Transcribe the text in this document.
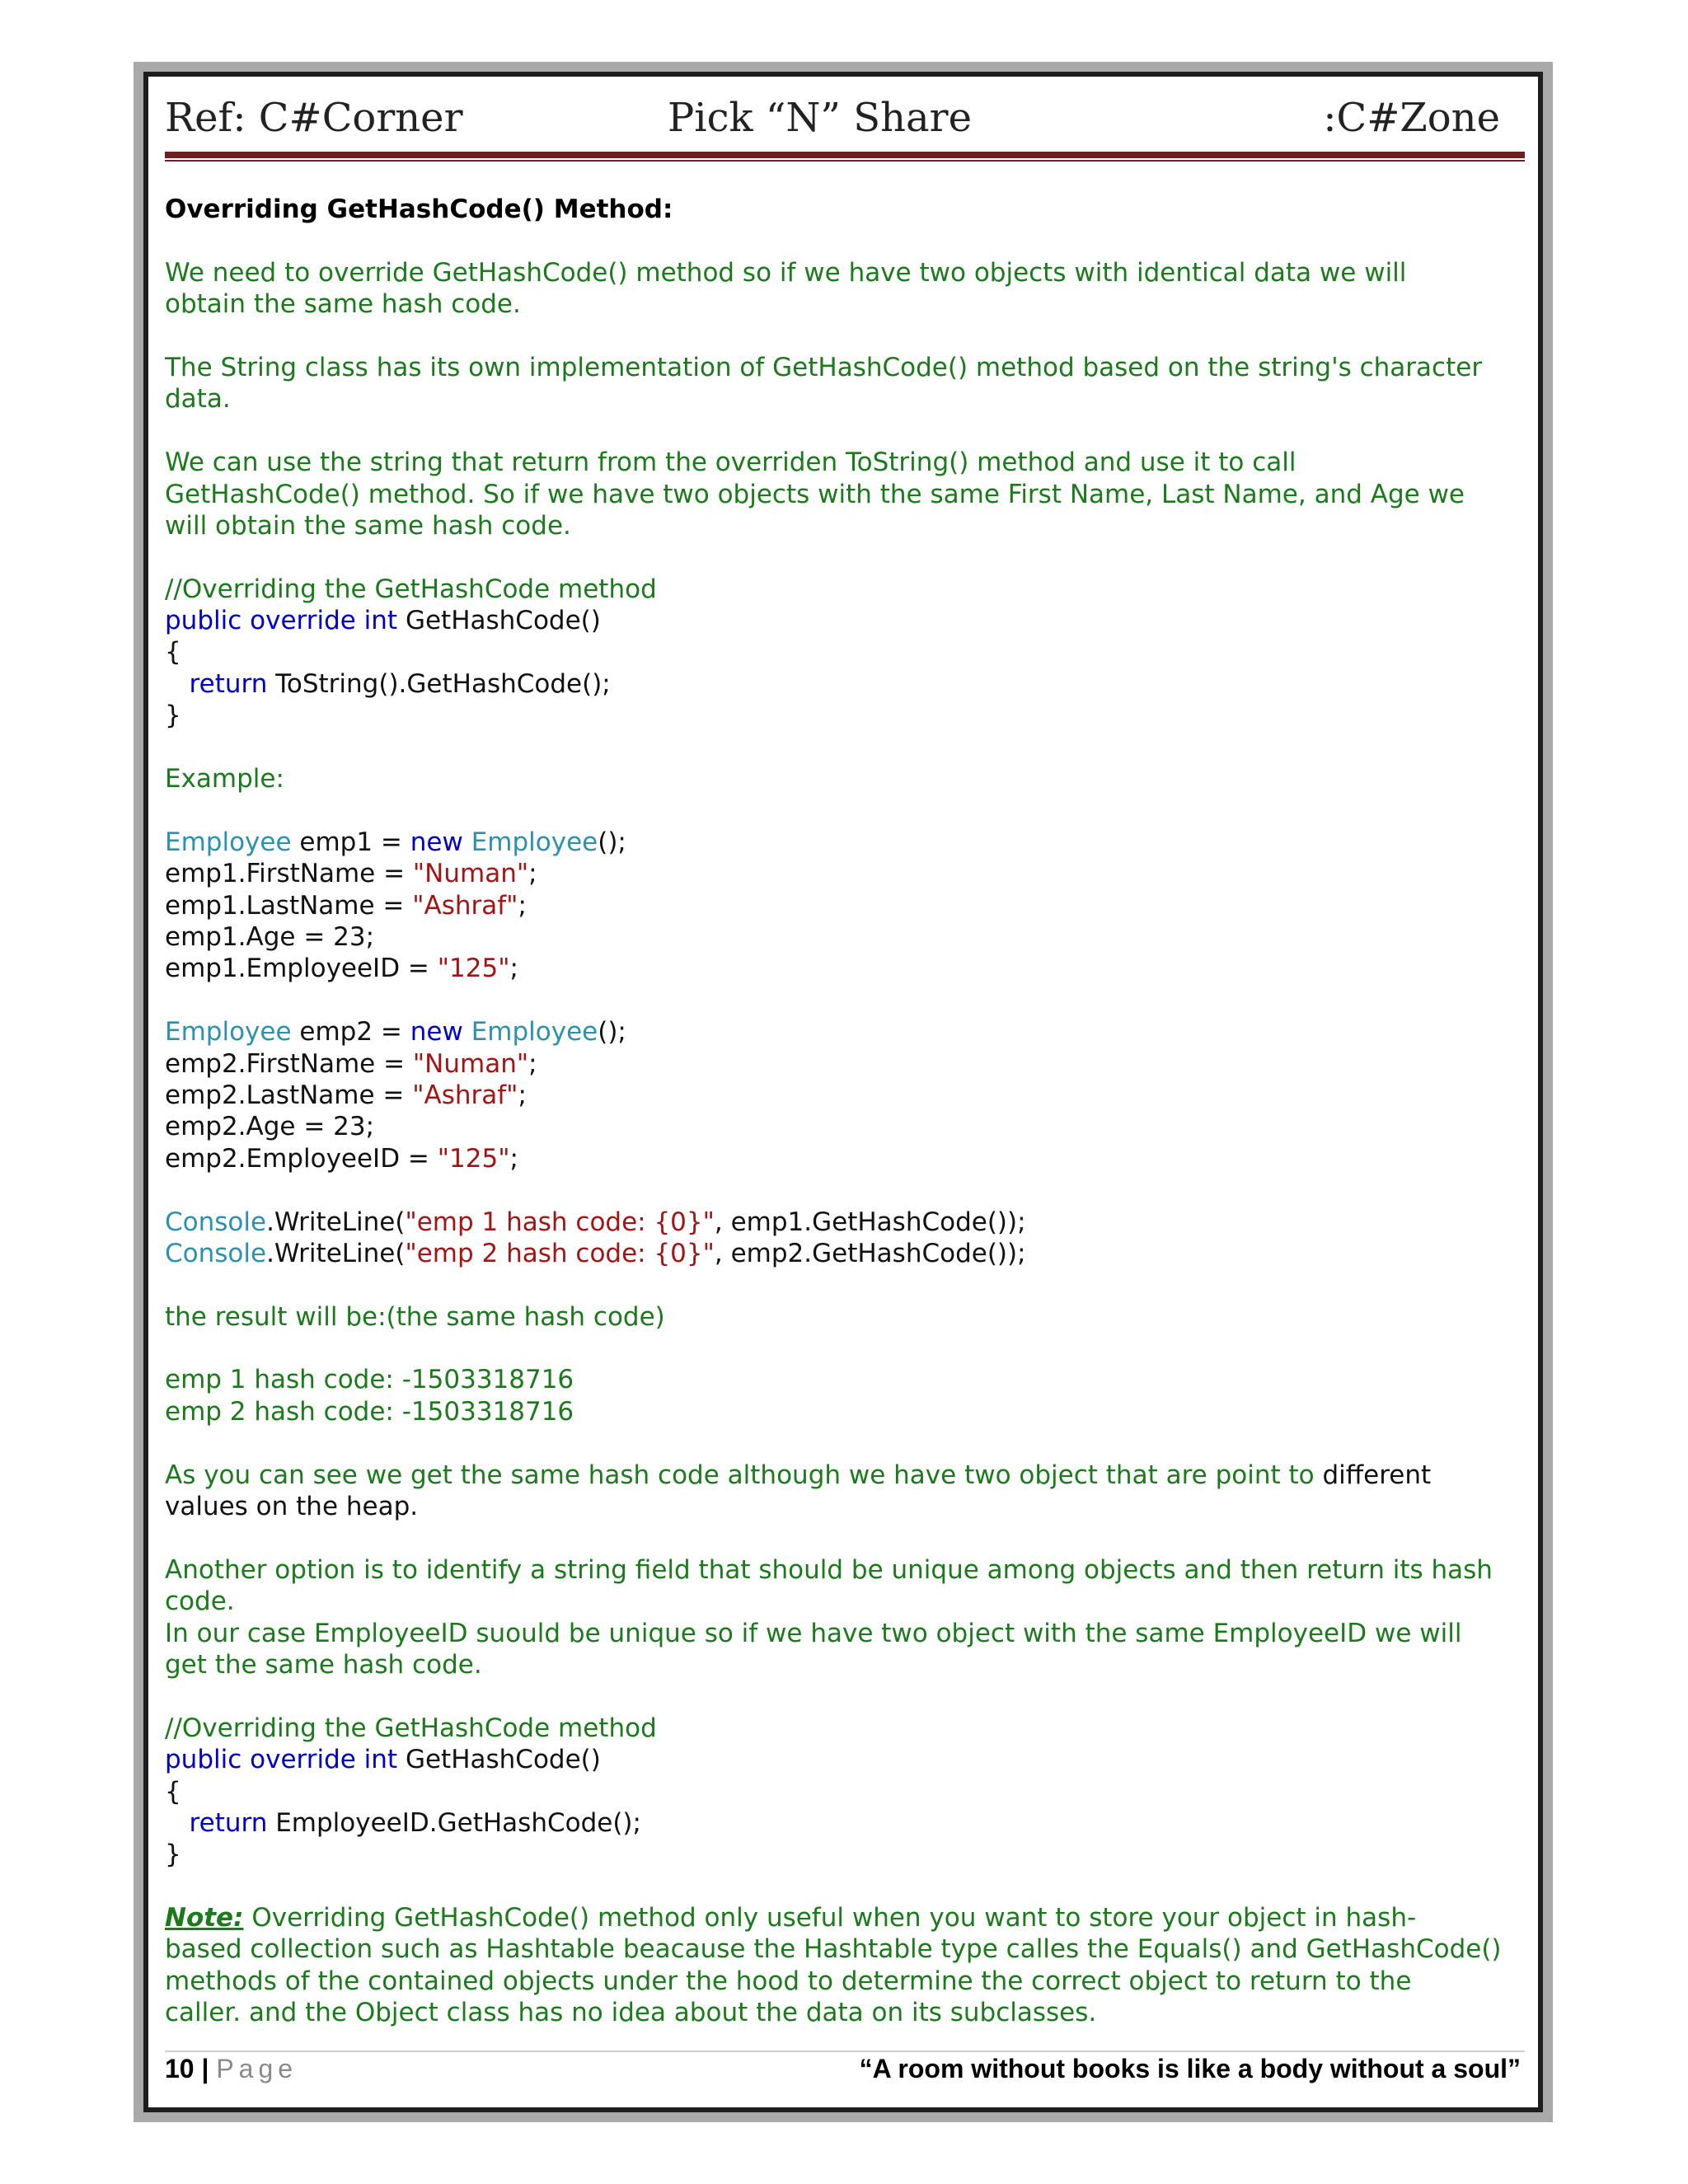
Ref: C#Corner	Pick “N” Share	:C#Zone
Overriding GetHashCode() Method:
We need to override GetHashCode() method so if we have two objects with identical data we will
obtain the same hash code.
The String class has its own implementation of GetHashCode() method based on the string's character
data.
We can use the string that return from the overriden ToString() method and use it to call
GetHashCode() method. So if we have two objects with the same First Name, Last Name, and Age we
will obtain the same hash code.
//Overriding the GetHashCode method
public override int GetHashCode()
{
return ToString().GetHashCode();
}
Example:
Employee emp1 = new Employee();
emp1.FirstName = "Numan";
emp1.LastName = "Ashraf";
emp1.Age = 23;
emp1.EmployeeID = "125";
Employee emp2 = new Employee();
emp2.FirstName = "Numan";
emp2.LastName = "Ashraf";
emp2.Age = 23;
emp2.EmployeeID = "125";
Console.WriteLine("emp 1 hash code: {0}", emp1.GetHashCode());
Console.WriteLine("emp 2 hash code: {0}", emp2.GetHashCode());
the result will be:(the same hash code)
emp 1 hash code: -1503318716
emp 2 hash code: -1503318716
As you can see we get the same hash code although we have two object that are point to different
values on the heap.
Another option is to identify a string field that should be unique among objects and then return its hash
code.
In our case EmployeeID suould be unique so if we have two object with the same EmployeeID we will
get the same hash code.
//Overriding the GetHashCode method
public override int GetHashCode()
{
return EmployeeID.GetHashCode();
}
Note: Overriding GetHashCode() method only useful when you want to store your object in hash-
based collection such as Hashtable beacause the Hashtable type calles the Equals() and GetHashCode()
methods of the contained objects under the hood to determine the correct object to return to the
caller. and the Object class has no idea about the data on its subclasses.
10 | Page	“A room without books is like a body without a soul”
